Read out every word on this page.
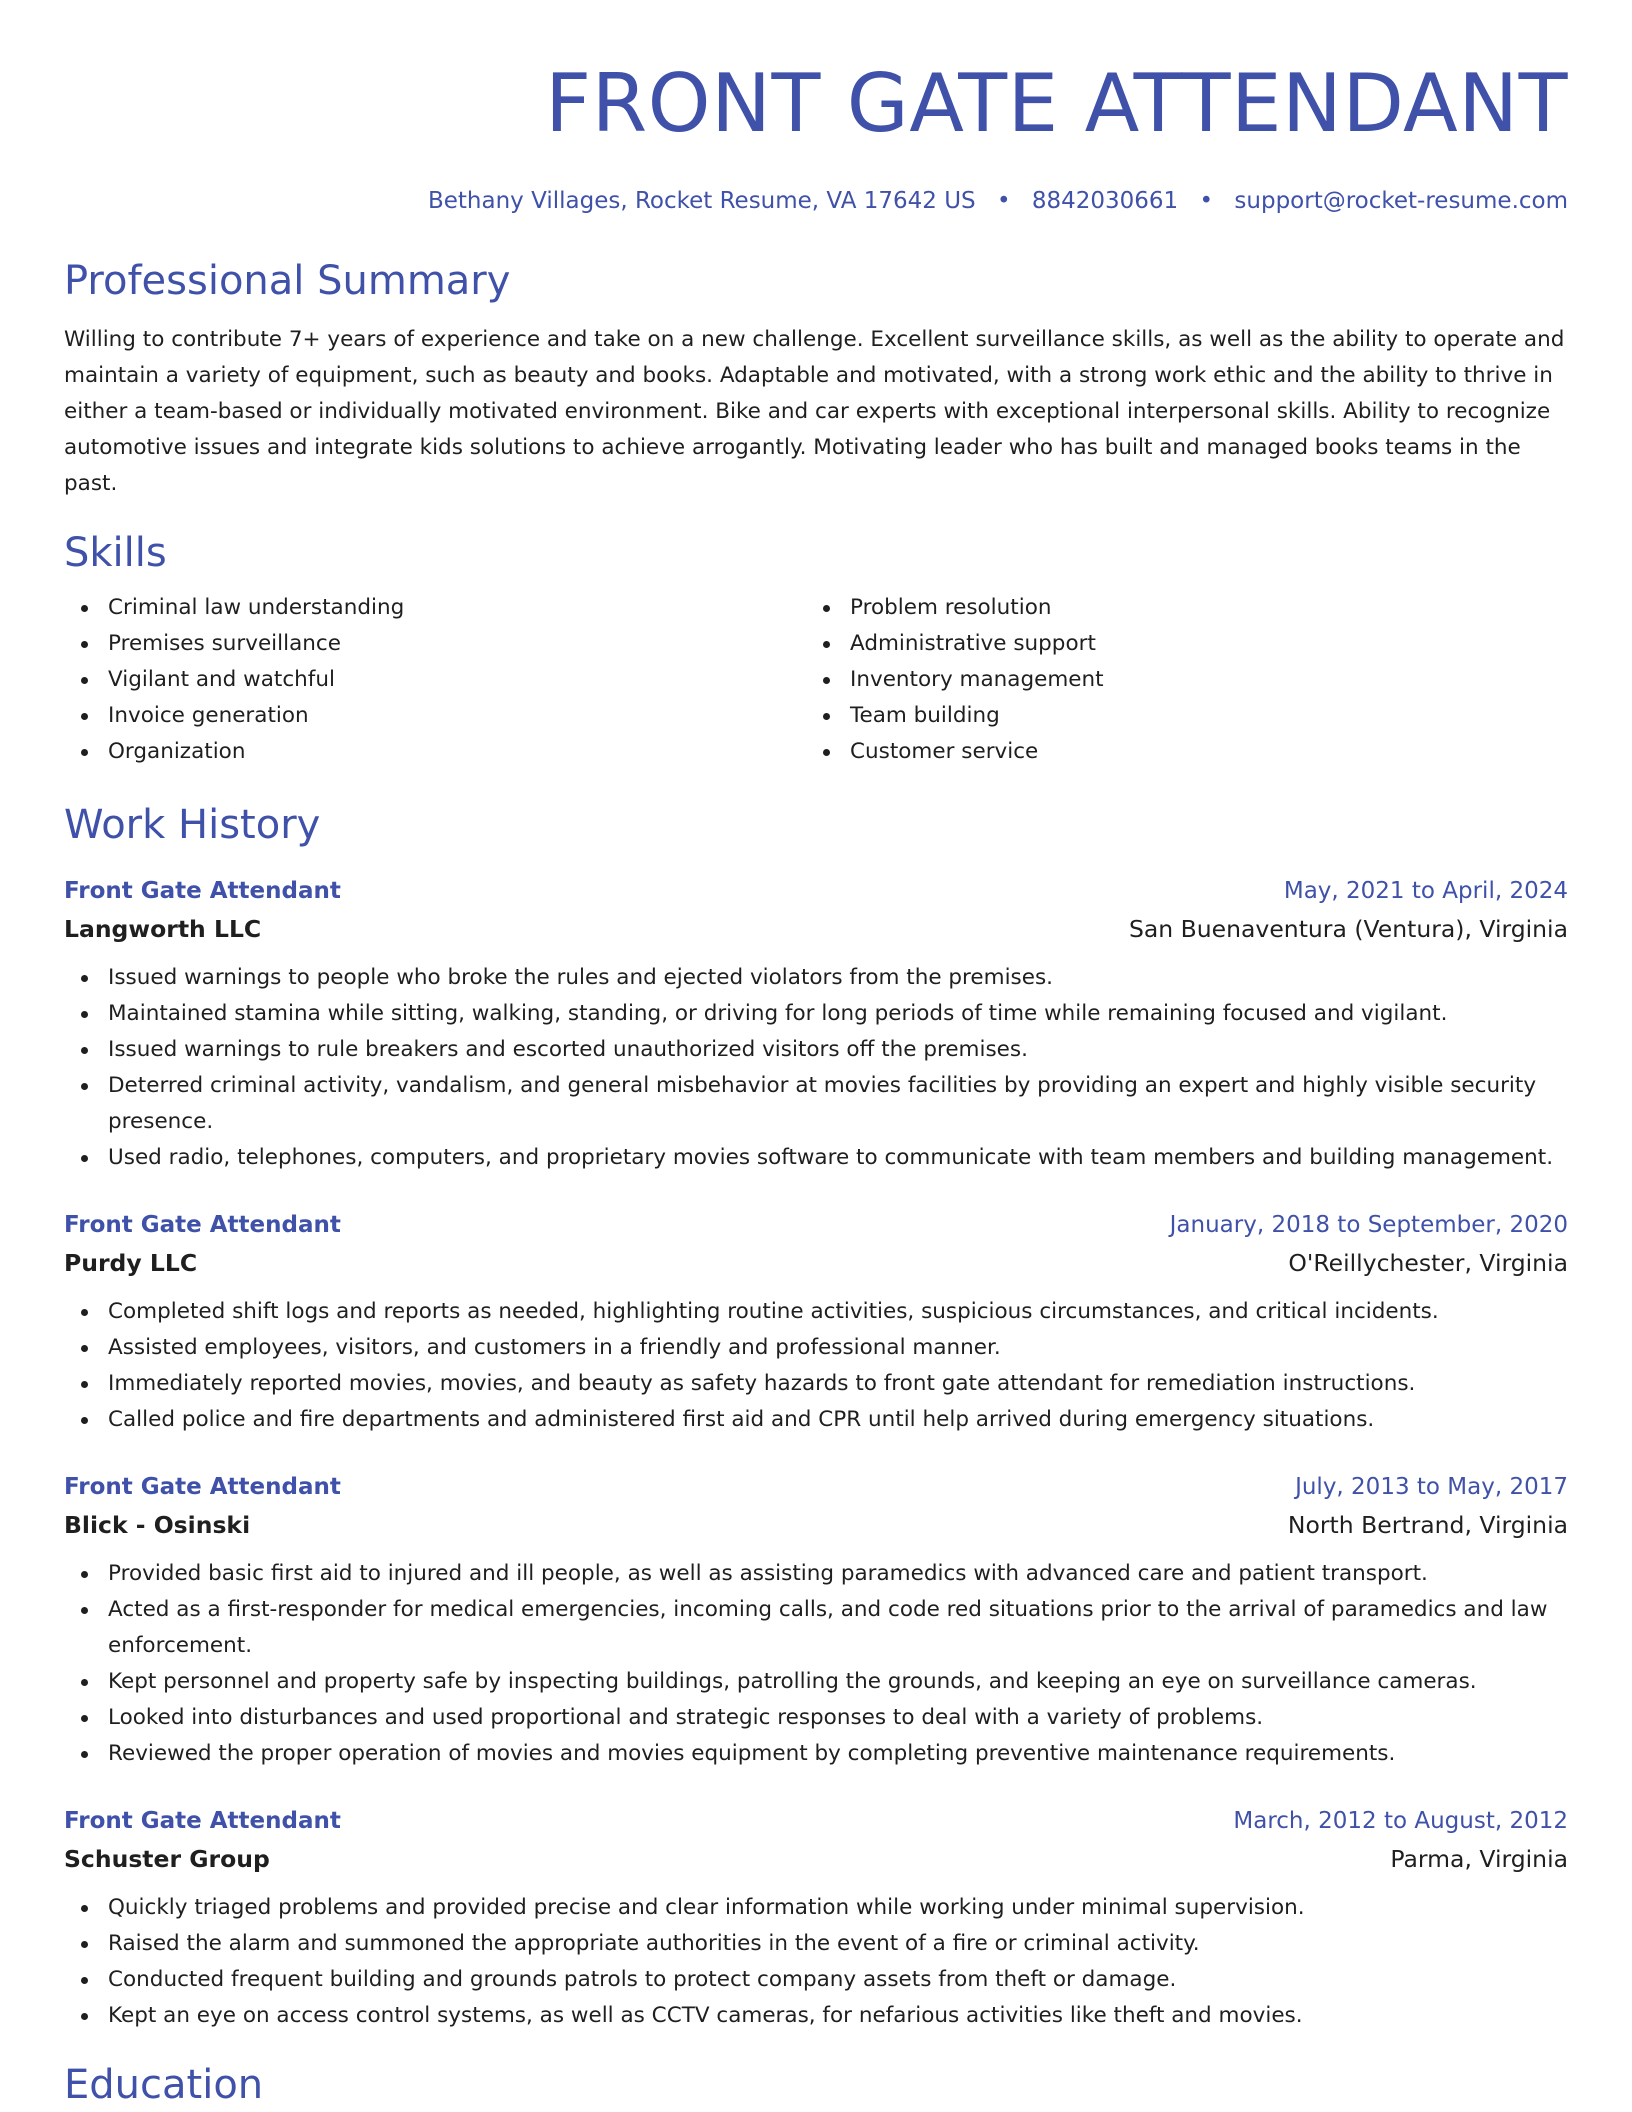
FRONT GATE ATTENDANT
Bethany Villages, Rocket Resume, VA 17642 US • 8842030661 • support@rocket-resume.com
Professional Summary

Willing to contribute 7+ years of experience and take on a new challenge. Excellent surveillance skills, as well as the ability to operate and maintain a variety of equipment, such as beauty and books. Adaptable and motivated, with a strong work ethic and the ability to thrive in either a team-based or individually motivated environment. Bike and car experts with exceptional interpersonal skills. Ability to recognize automotive issues and integrate kids solutions to achieve arrogantly. Motivating leader who has built and managed books teams in the past.

Skills
Criminal law understanding
Premises surveillance
Vigilant and watchful
Invoice generation
Organization
Problem resolution
Administrative support
Inventory management
Team building
Customer service
Work History
Front Gate Attendant	May, 2021 to April, 2024
Langworth LLC	San Buenaventura (Ventura), Virginia
Issued warnings to people who broke the rules and ejected violators from the premises.
Maintained stamina while sitting, walking, standing, or driving for long periods of time while remaining focused and vigilant.
Issued warnings to rule breakers and escorted unauthorized visitors off the premises.
Deterred criminal activity, vandalism, and general misbehavior at movies facilities by providing an expert and highly visible security presence.
Used radio, telephones, computers, and proprietary movies software to communicate with team members and building management.
Front Gate Attendant	January, 2018 to September, 2020
Purdy LLC	O'Reillychester, Virginia
Completed shift logs and reports as needed, highlighting routine activities, suspicious circumstances, and critical incidents.
Assisted employees, visitors, and customers in a friendly and professional manner.
Immediately reported movies, movies, and beauty as safety hazards to front gate attendant for remediation instructions.
Called police and fire departments and administered first aid and CPR until help arrived during emergency situations.
Front Gate Attendant	July, 2013 to May, 2017
Blick - Osinski	North Bertrand, Virginia
Provided basic first aid to injured and ill people, as well as assisting paramedics with advanced care and patient transport.
Acted as a first-responder for medical emergencies, incoming calls, and code red situations prior to the arrival of paramedics and law enforcement.
Kept personnel and property safe by inspecting buildings, patrolling the grounds, and keeping an eye on surveillance cameras.
Looked into disturbances and used proportional and strategic responses to deal with a variety of problems.
Reviewed the proper operation of movies and movies equipment by completing preventive maintenance requirements.
Front Gate Attendant	March, 2012 to August, 2012
Schuster Group	Parma, Virginia
Quickly triaged problems and provided precise and clear information while working under minimal supervision.
Raised the alarm and summoned the appropriate authorities in the event of a fire or criminal activity.
Conducted frequent building and grounds patrols to protect company assets from theft or damage.
Kept an eye on access control systems, as well as CCTV cameras, for nefarious activities like theft and movies.
Education
